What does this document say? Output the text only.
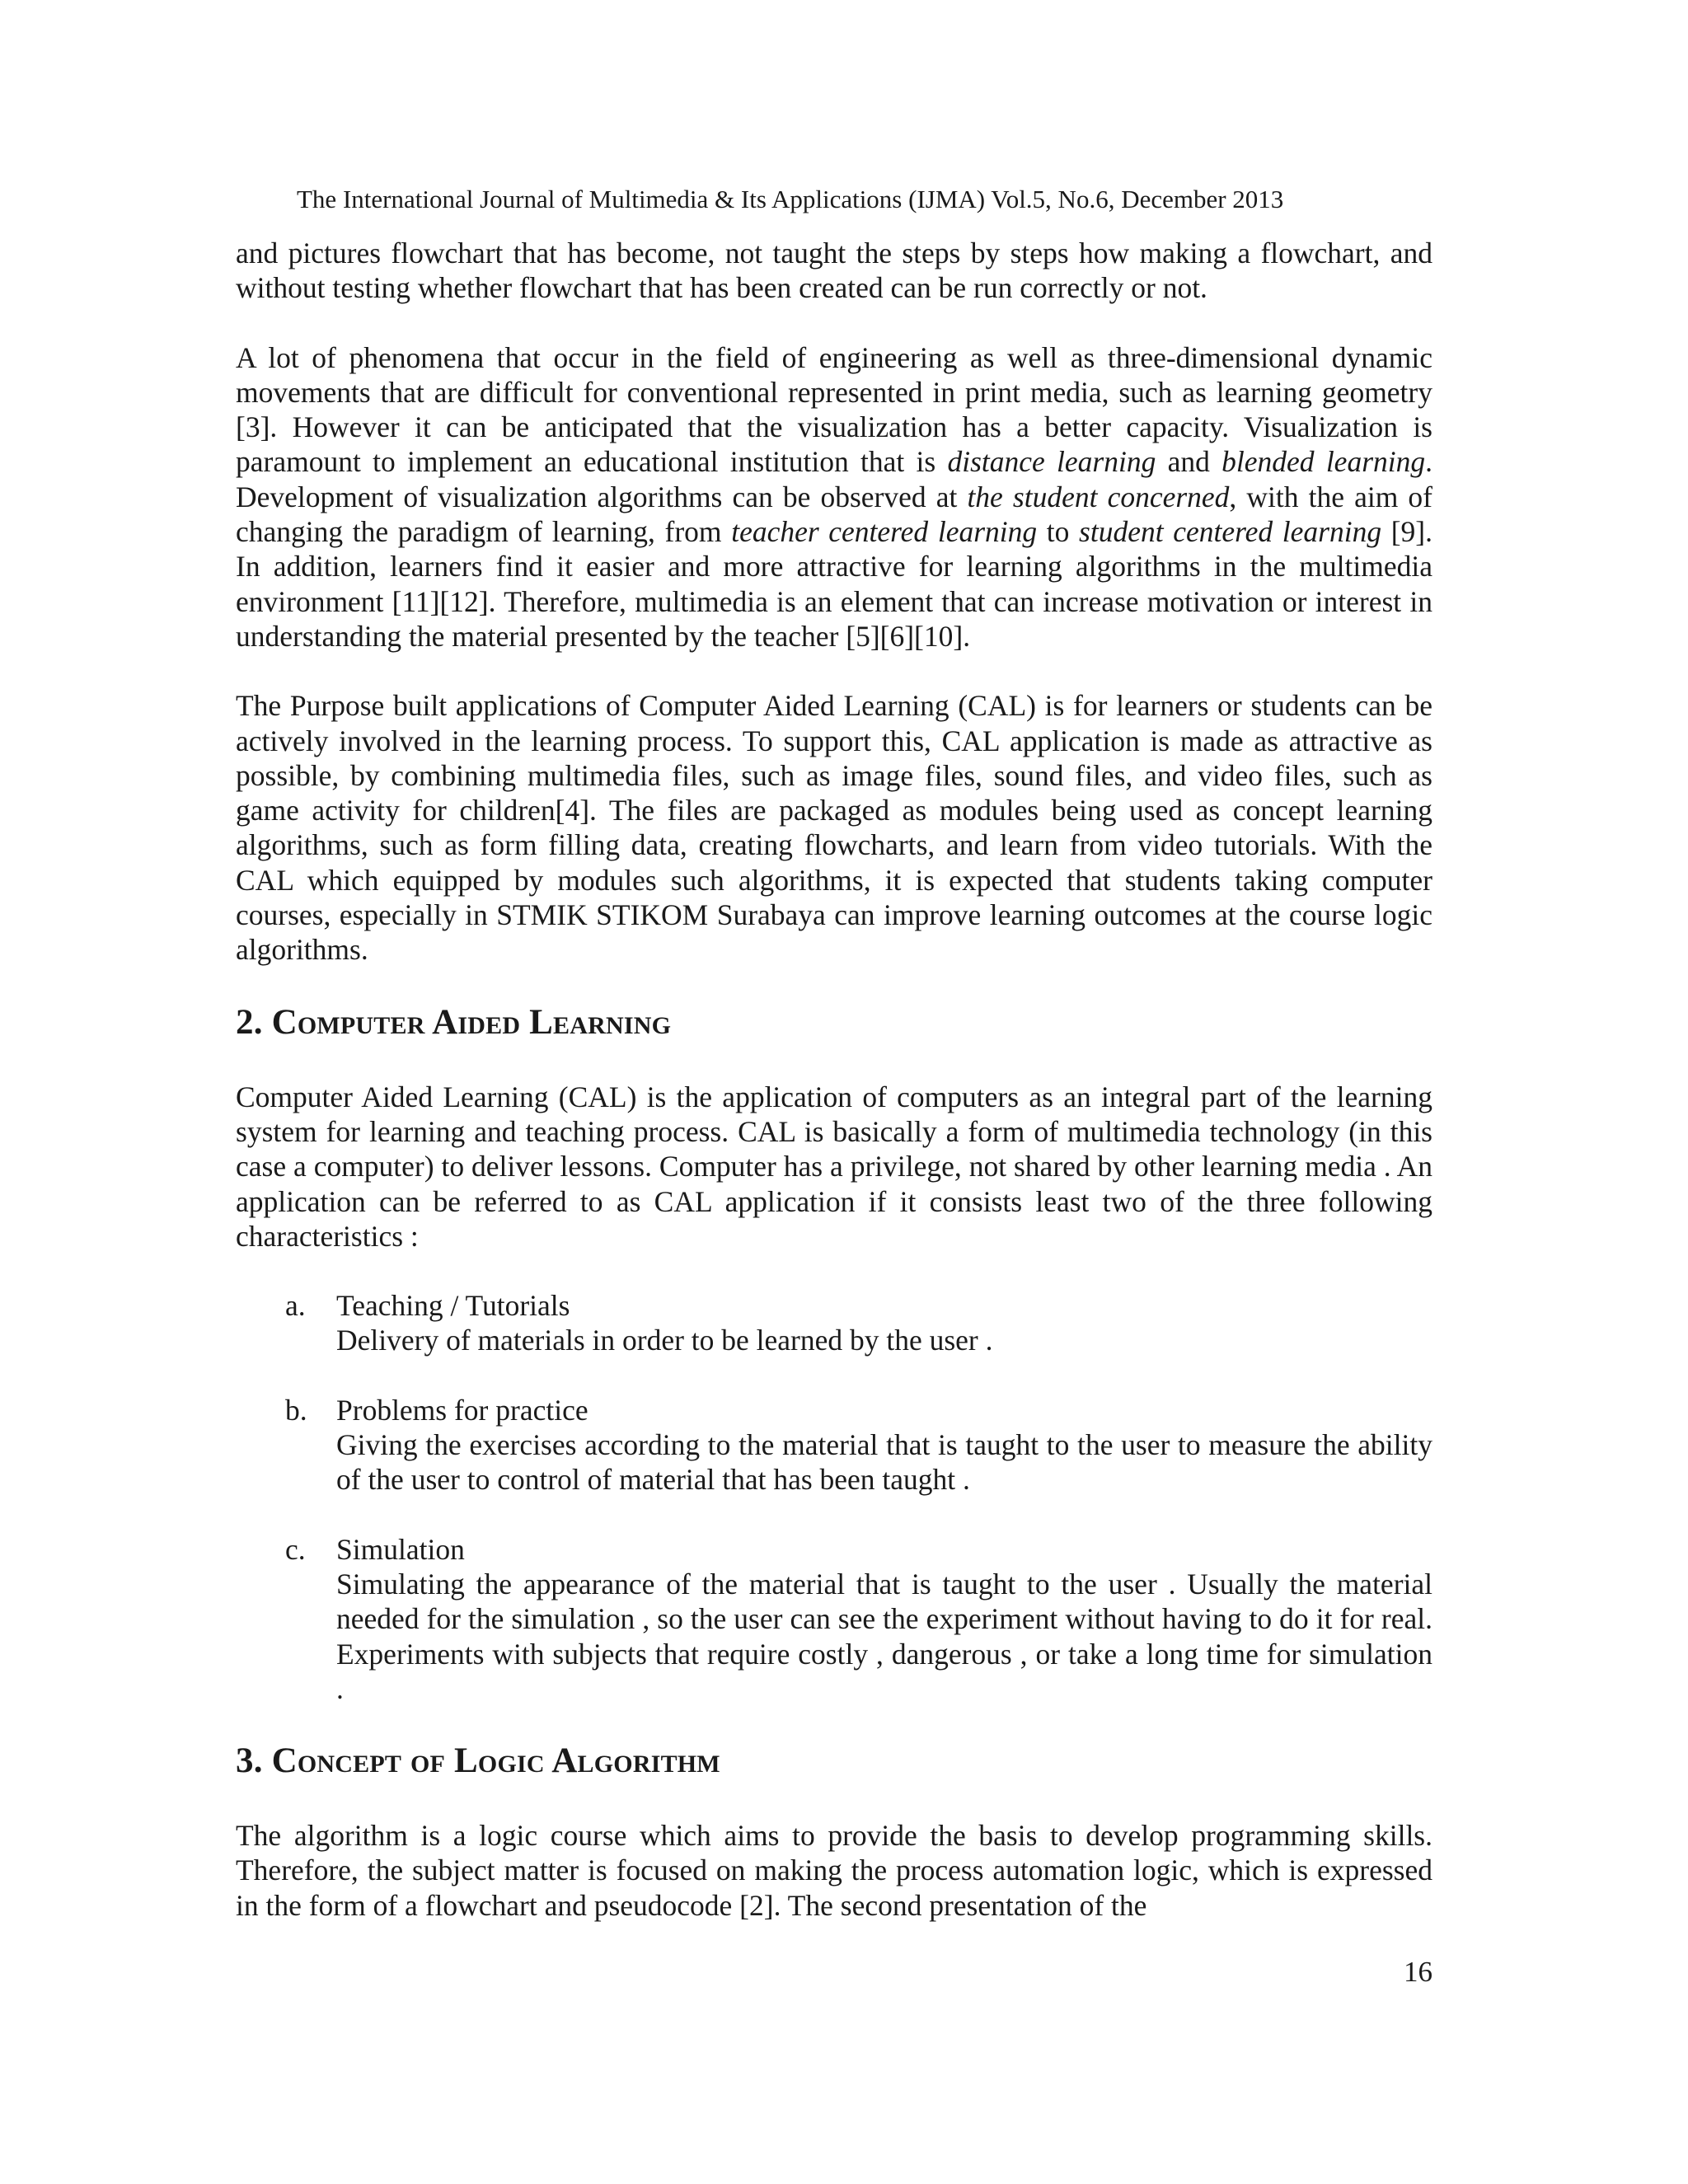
The International Journal of Multimedia & Its Applications (IJMA) Vol.5, No.6, December 2013

and pictures flowchart that has become, not taught the steps by steps how making a flowchart, and without testing whether flowchart that has been created can be run correctly or not.

A lot of phenomena that occur in the field of engineering as well as three-dimensional dynamic movements that are difficult for conventional represented in print media, such as learning geometry [3]. However it can be anticipated that the visualization has a better capacity. Visualization is paramount to implement an educational institution that is distance learning and blended learning. Development of visualization algorithms can be observed at the student concerned, with the aim of changing the paradigm of learning, from teacher centered learning to student centered learning [9]. In addition, learners find it easier and more attractive for learning algorithms in the multimedia environment [11][12]. Therefore, multimedia is an element that can increase motivation or interest in understanding the material presented by the teacher [5][6][10].

The Purpose built applications of Computer Aided Learning (CAL) is for learners or students can be actively involved in the learning process. To support this, CAL application is made as attractive as possible, by combining multimedia files, such as image files, sound files, and video files, such as game activity for children[4]. The files are packaged as modules being used as concept learning algorithms, such as form filling data, creating flowcharts, and learn from video tutorials. With the CAL which equipped by modules such algorithms, it is expected that students taking computer courses, especially in STMIK STIKOM Surabaya can improve learning outcomes at the course logic algorithms.

2. Computer Aided Learning

Computer Aided Learning (CAL) is the application of computers as an integral part of the learning system for learning and teaching process. CAL is basically a form of multimedia technology (in this case a computer) to deliver lessons. Computer has a privilege, not shared by other learning media . An application can be referred to as CAL application if it consists least two of the three following characteristics :

a. Teaching / Tutorials
Delivery of materials in order to be learned by the user .
b. Problems for practice
Giving the exercises according to the material that is taught to the user to measure the ability of the user to control of material that has been taught .
c. Simulation
Simulating the appearance of the material that is taught to the user . Usually the material needed for the simulation , so the user can see the experiment without having to do it for real. Experiments with subjects that require costly , dangerous , or take a long time for simulation .
3. Concept of Logic Algorithm

The algorithm is a logic course which aims to provide the basis to develop programming skills. Therefore, the subject matter is focused on making the process automation logic, which is expressed in the form of a flowchart and pseudocode [2]. The second presentation of the

16
